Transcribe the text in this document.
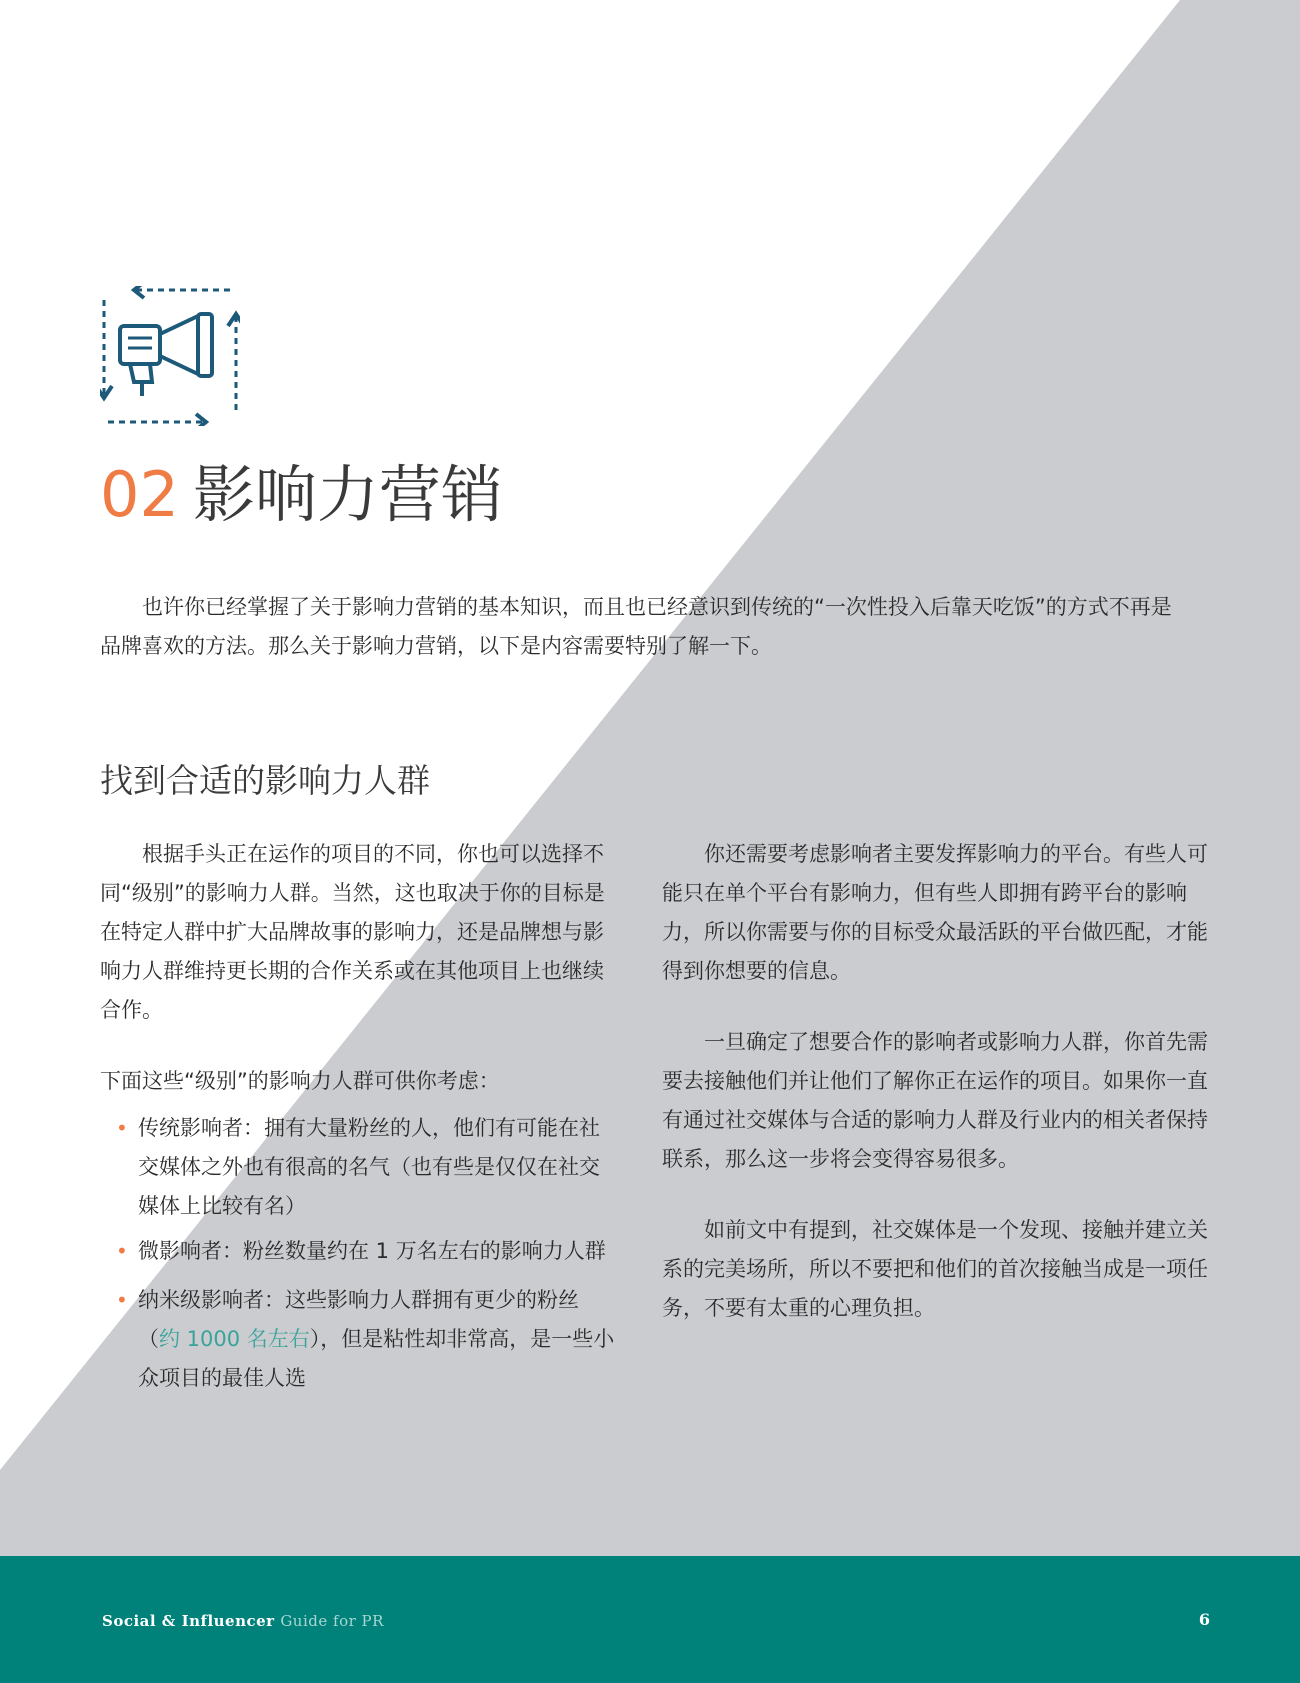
02 影响力营销

也许你已经掌握了关于影响力营销的基本知识，而且也已经意识到传统的“一次性投入后靠天吃饭”的方式不再是品牌喜欢的方法。那么关于影响力营销，以下是内容需要特别了解一下。

找到合适的影响力人群

根据手头正在运作的项目的不同，你也可以选择不同“级别”的影响力人群。当然，这也取决于你的目标是在特定人群中扩大品牌故事的影响力，还是品牌想与影响力人群维持更长期的合作关系或在其他项目上也继续合作。

下面这些“级别”的影响力人群可供你考虑：

• 传统影响者：拥有大量粉丝的人，他们有可能在社交媒体之外也有很高的名气（也有些是仅仅在社交媒体上比较有名）
• 微影响者：粉丝数量约在 1 万名左右的影响力人群
• 纳米级影响者：这些影响力人群拥有更少的粉丝（约 1000 名左右），但是粘性却非常高，是一些小众项目的最佳人选

你还需要考虑影响者主要发挥影响力的平台。有些人可能只在单个平台有影响力，但有些人即拥有跨平台的影响力，所以你需要与你的目标受众最活跃的平台做匹配，才能得到你想要的信息。

一旦确定了想要合作的影响者或影响力人群，你首先需要去接触他们并让他们了解你正在运作的项目。如果你一直有通过社交媒体与合适的影响力人群及行业内的相关者保持联系，那么这一步将会变得容易很多。

如前文中有提到，社交媒体是一个发现、接触并建立关系的完美场所，所以不要把和他们的首次接触当成是一项任务，不要有太重的心理负担。

Social & Influencer Guide for PR	6
